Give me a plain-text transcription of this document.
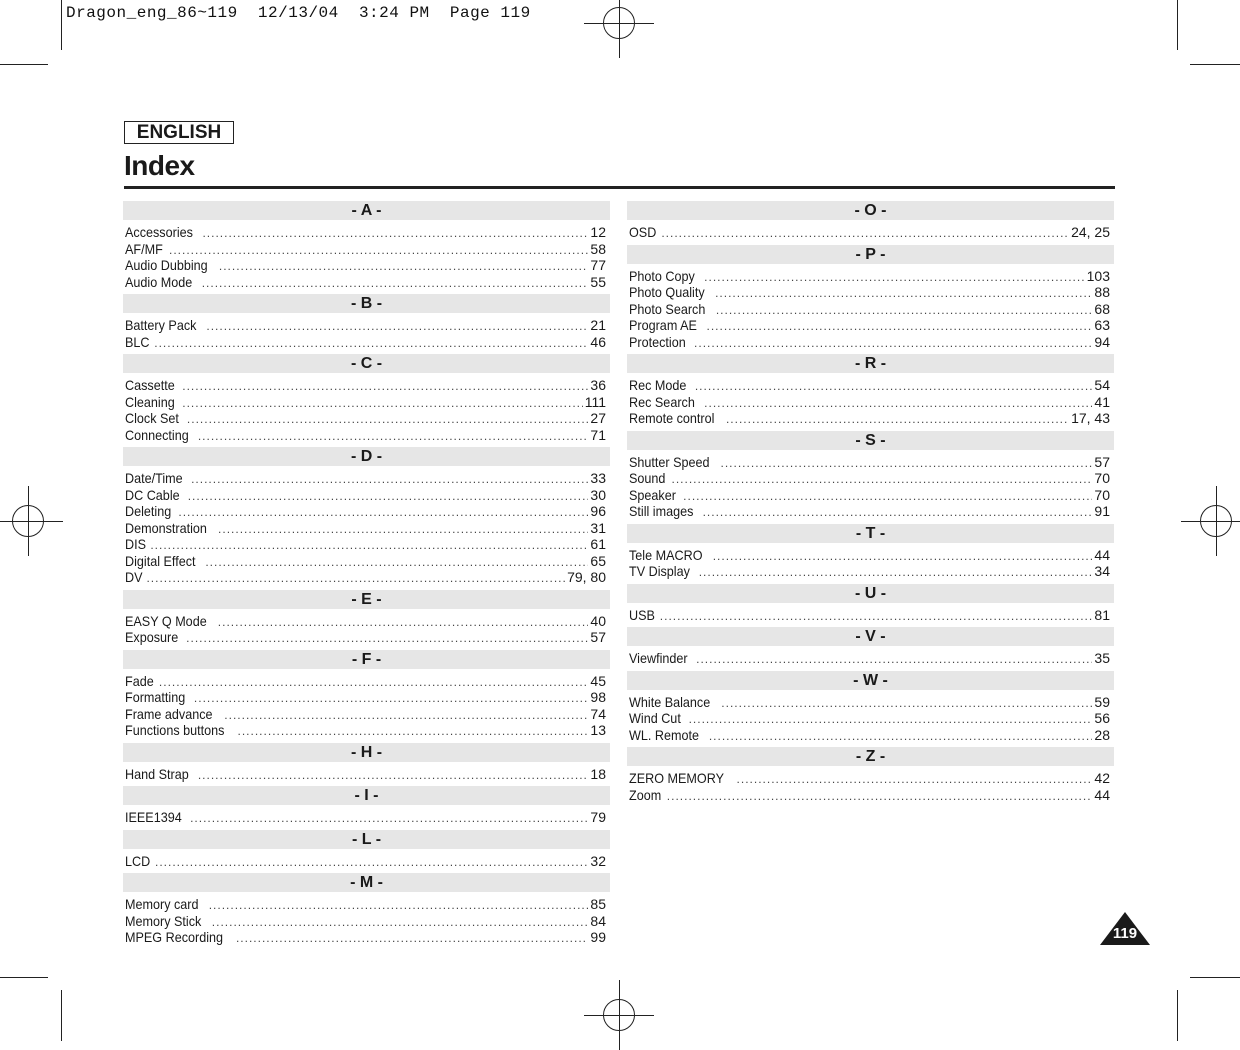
Dragon_eng_86~119  12/13/04  3:24 PM  Page 119
ENGLISH
Index
- A -
Accessories .....	12
AF/MF .....	58
Audio Dubbing .....	77
Audio Mode .....	55
- B -
Battery Pack .....	21
BLC .....	46
- C -
Cassette .....	36
Cleaning .....	111
Clock Set .....	27
Connecting .....	71
- D -
Date/Time .....	33
DC Cable .....	30
Deleting .....	96
Demonstration .....	31
DIS .....	61
Digital Effect .....	65
DV .....	79, 80
- E -
EASY Q Mode .....	40
Exposure .....	57
- F -
Fade .....	45
Formatting .....	98
Frame advance .....	74
Functions buttons .....	13
- H -
Hand Strap .....	18
- I -
IEEE1394 .....	79
- L -
LCD .....	32
- M -
Memory card .....	85
Memory Stick .....	84
MPEG Recording .....	99
- O -
OSD .....	24, 25
- P -
Photo Copy .....	103
Photo Quality .....	88
Photo Search .....	68
Program AE .....	63
Protection .....	94
- R -
Rec Mode .....	54
Rec Search .....	41
Remote control .....	17, 43
- S -
Shutter Speed .....	57
Sound .....	70
Speaker .....	70
Still images .....	91
- T -
Tele MACRO .....	44
TV Display .....	34
- U -
USB .....	81
- V -
Viewfinder .....	35
- W -
White Balance .....	59
Wind Cut .....	56
WL. Remote .....	28
- Z -
ZERO MEMORY .....	42
Zoom .....	44
119
